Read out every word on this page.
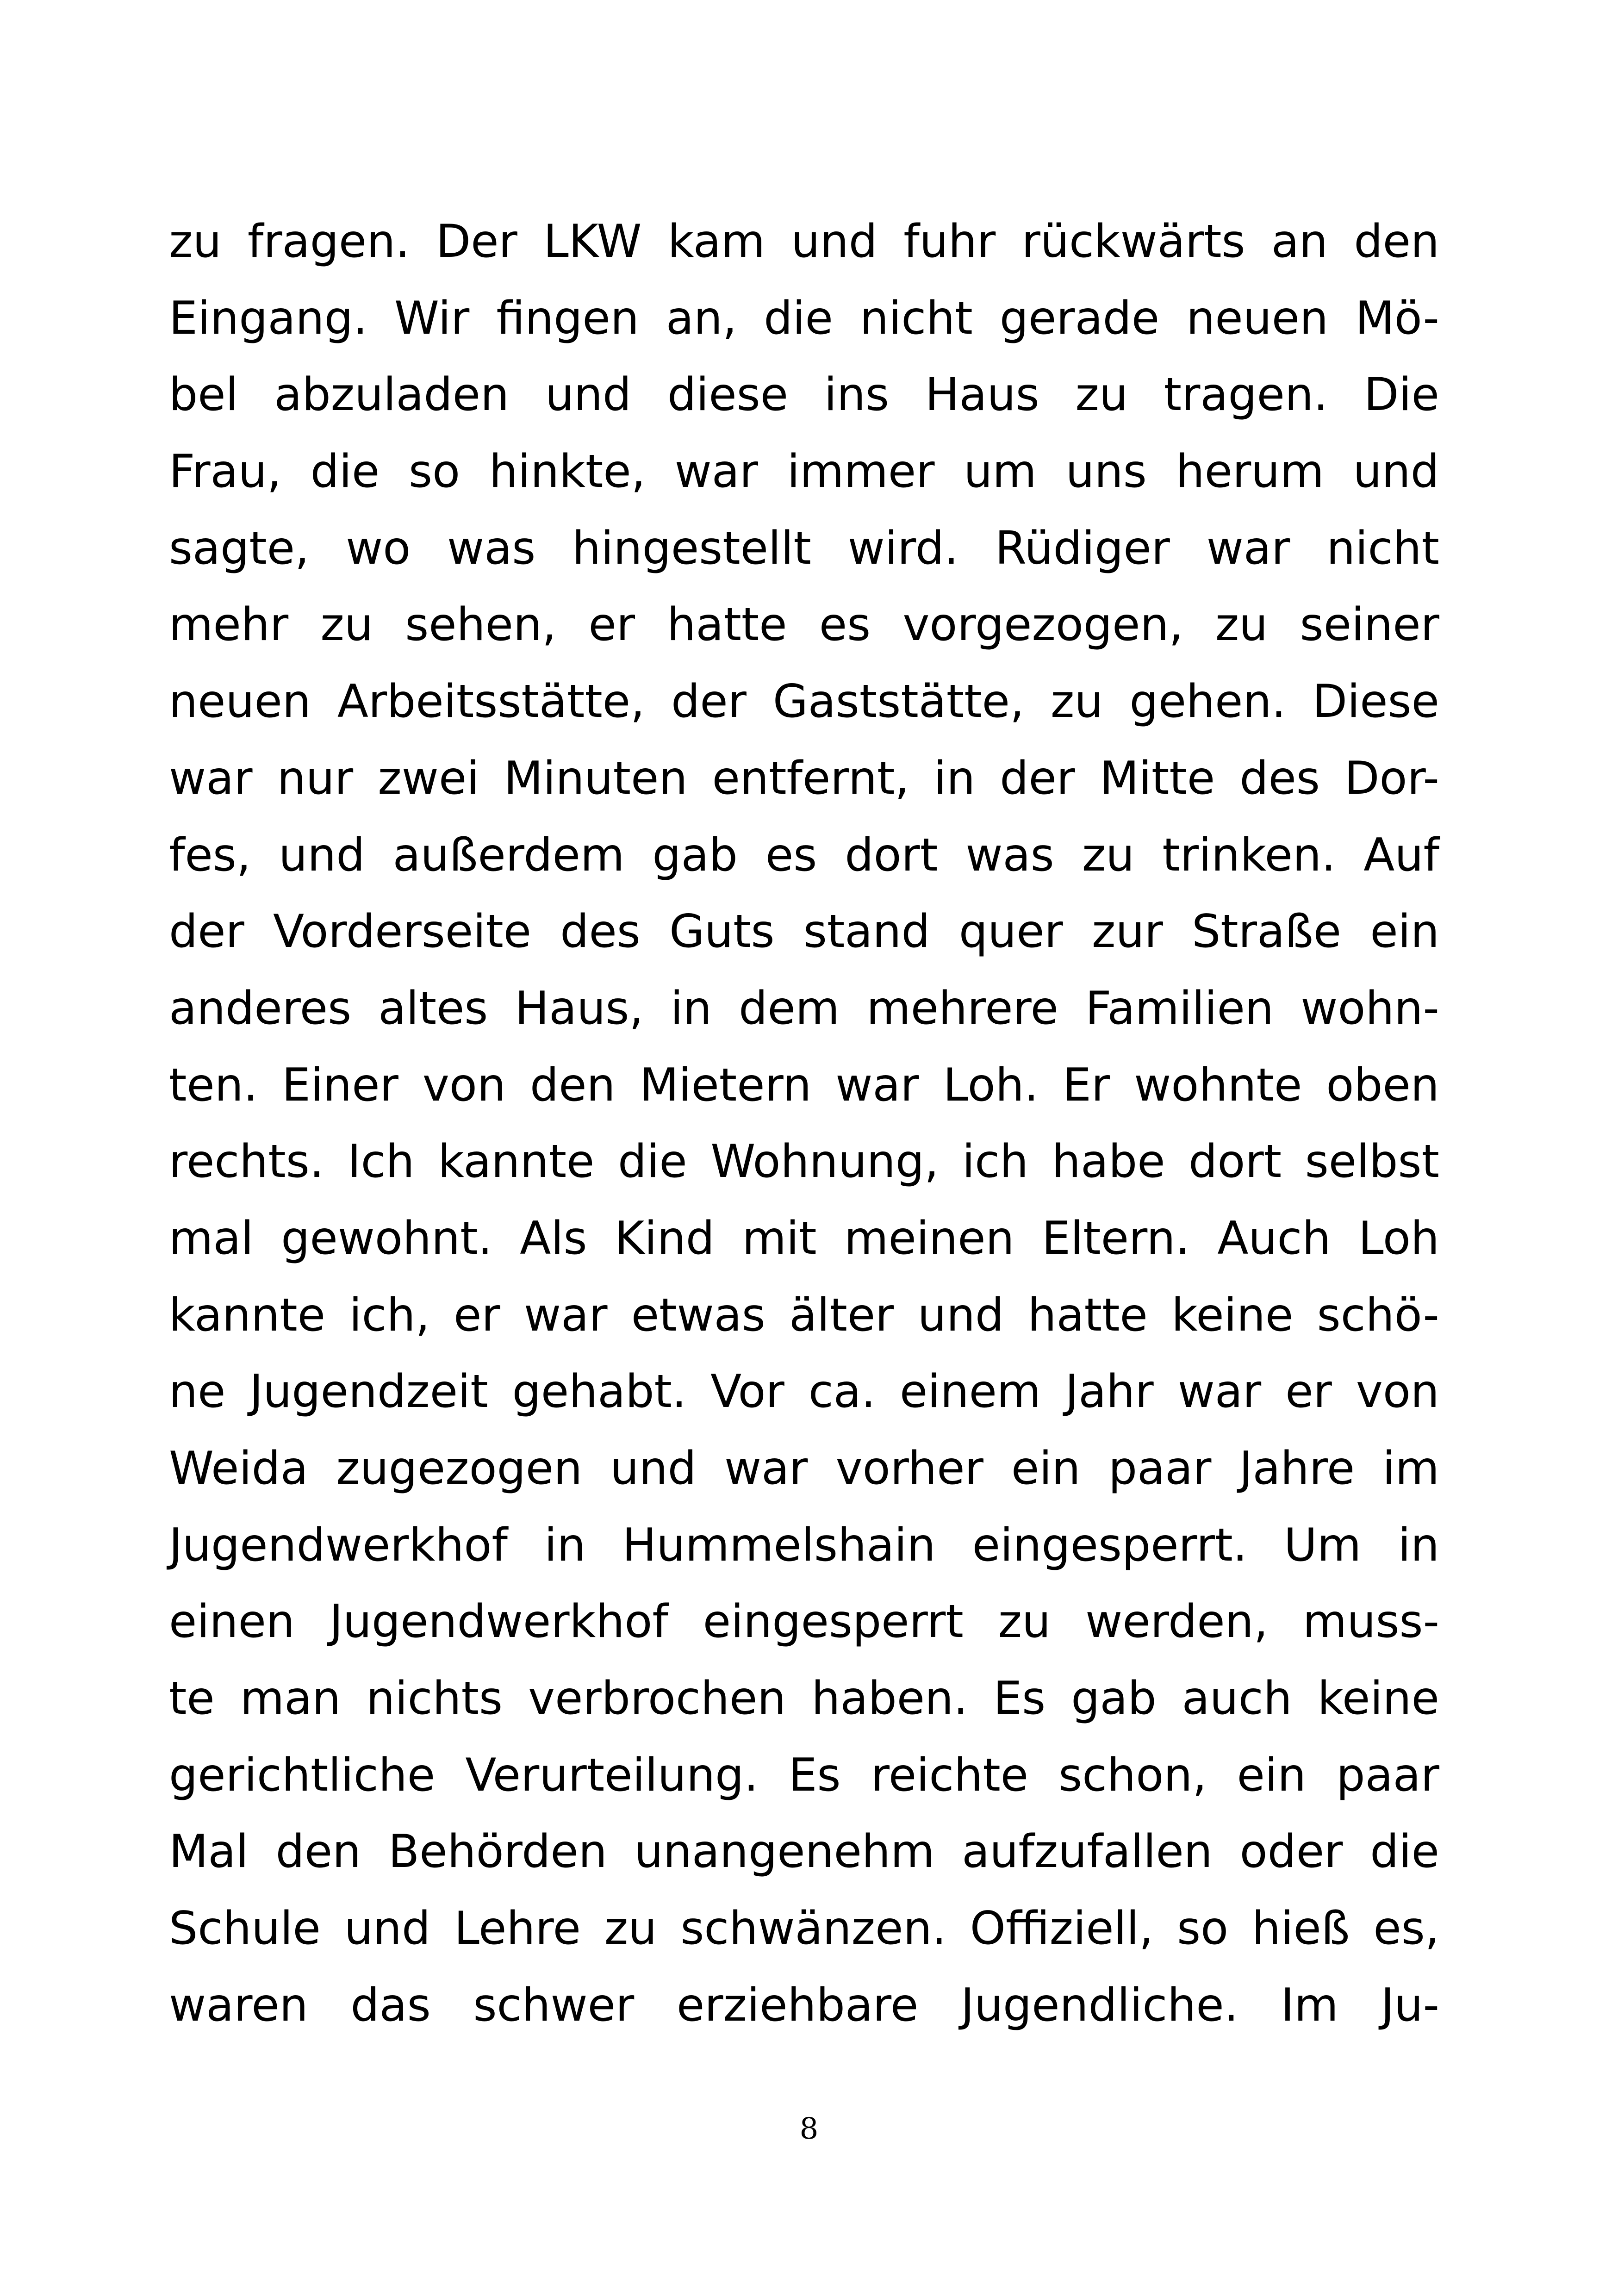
zu fragen. Der LKW kam und fuhr rückwärts an den
Eingang. Wir fingen an, die nicht gerade neuen Mö-
bel abzuladen und diese ins Haus zu tragen. Die
Frau, die so hinkte, war immer um uns herum und
sagte, wo was hingestellt wird. Rüdiger war nicht
mehr zu sehen, er hatte es vorgezogen, zu seiner
neuen Arbeitsstätte, der Gaststätte, zu gehen. Diese
war nur zwei Minuten entfernt, in der Mitte des Dor-
fes, und außerdem gab es dort was zu trinken. Auf
der Vorderseite des Guts stand quer zur Straße ein
anderes altes Haus, in dem mehrere Familien wohn-
ten. Einer von den Mietern war Loh. Er wohnte oben
rechts. Ich kannte die Wohnung, ich habe dort selbst
mal gewohnt. Als Kind mit meinen Eltern. Auch Loh
kannte ich, er war etwas älter und hatte keine schö-
ne Jugendzeit gehabt. Vor ca. einem Jahr war er von
Weida zugezogen und war vorher ein paar Jahre im
Jugendwerkhof in Hummelshain eingesperrt. Um in
einen Jugendwerkhof eingesperrt zu werden, muss-
te man nichts verbrochen haben. Es gab auch keine
gerichtliche Verurteilung. Es reichte schon, ein paar
Mal den Behörden unangenehm aufzufallen oder die
Schule und Lehre zu schwänzen. Offiziell, so hieß es,
waren das schwer erziehbare Jugendliche. Im Ju-
8
